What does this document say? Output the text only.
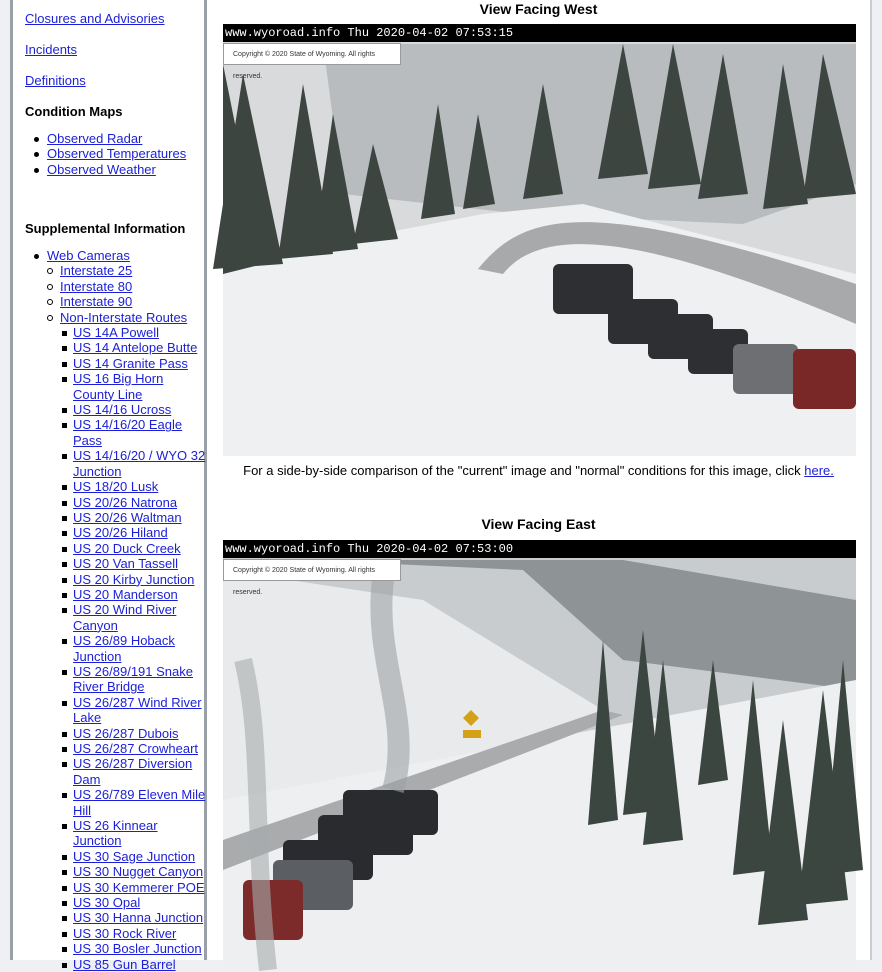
Closures and Advisories
Incidents
Definitions
Condition Maps
Observed Radar
Observed Temperatures
Observed Weather
Supplemental Information
Web Cameras
Interstate 25
Interstate 80
Interstate 90
Non-Interstate Routes
US 14A Powell
US 14 Antelope Butte
US 14 Granite Pass
US 16 Big Horn County Line
US 14/16 Ucross
US 14/16/20 Eagle Pass
US 14/16/20 / WYO 32 Junction
US 18/20 Lusk
US 20/26 Natrona
US 20/26 Waltman
US 20/26 Hiland
US 20 Duck Creek
US 20 Van Tassell
US 20 Kirby Junction
US 20 Manderson
US 20 Wind River Canyon
US 26/89 Hoback Junction
US 26/89/191 Snake River Bridge
US 26/287 Wind River Lake
US 26/287 Dubois
US 26/287 Crowheart
US 26/287 Diversion Dam
US 26/789 Eleven Mile Hill
US 26 Kinnear Junction
US 30 Sage Junction
US 30 Nugget Canyon
US 30 Kemmerer POE
US 30 Opal
US 30 Hanna Junction
US 30 Rock River
US 30 Bosler Junction
US 85 Gun Barrel
View Facing West
www.wyoroad.info Thu 2020-04-02 07:53:15
Copyright © 2020 State of Wyoming. All rights reserved.
For a side-by-side comparison of the "current" image and "normal" conditions for this image, click here.
View Facing East
www.wyoroad.info Thu 2020-04-02 07:53:00
Copyright © 2020 State of Wyoming. All rights reserved.
